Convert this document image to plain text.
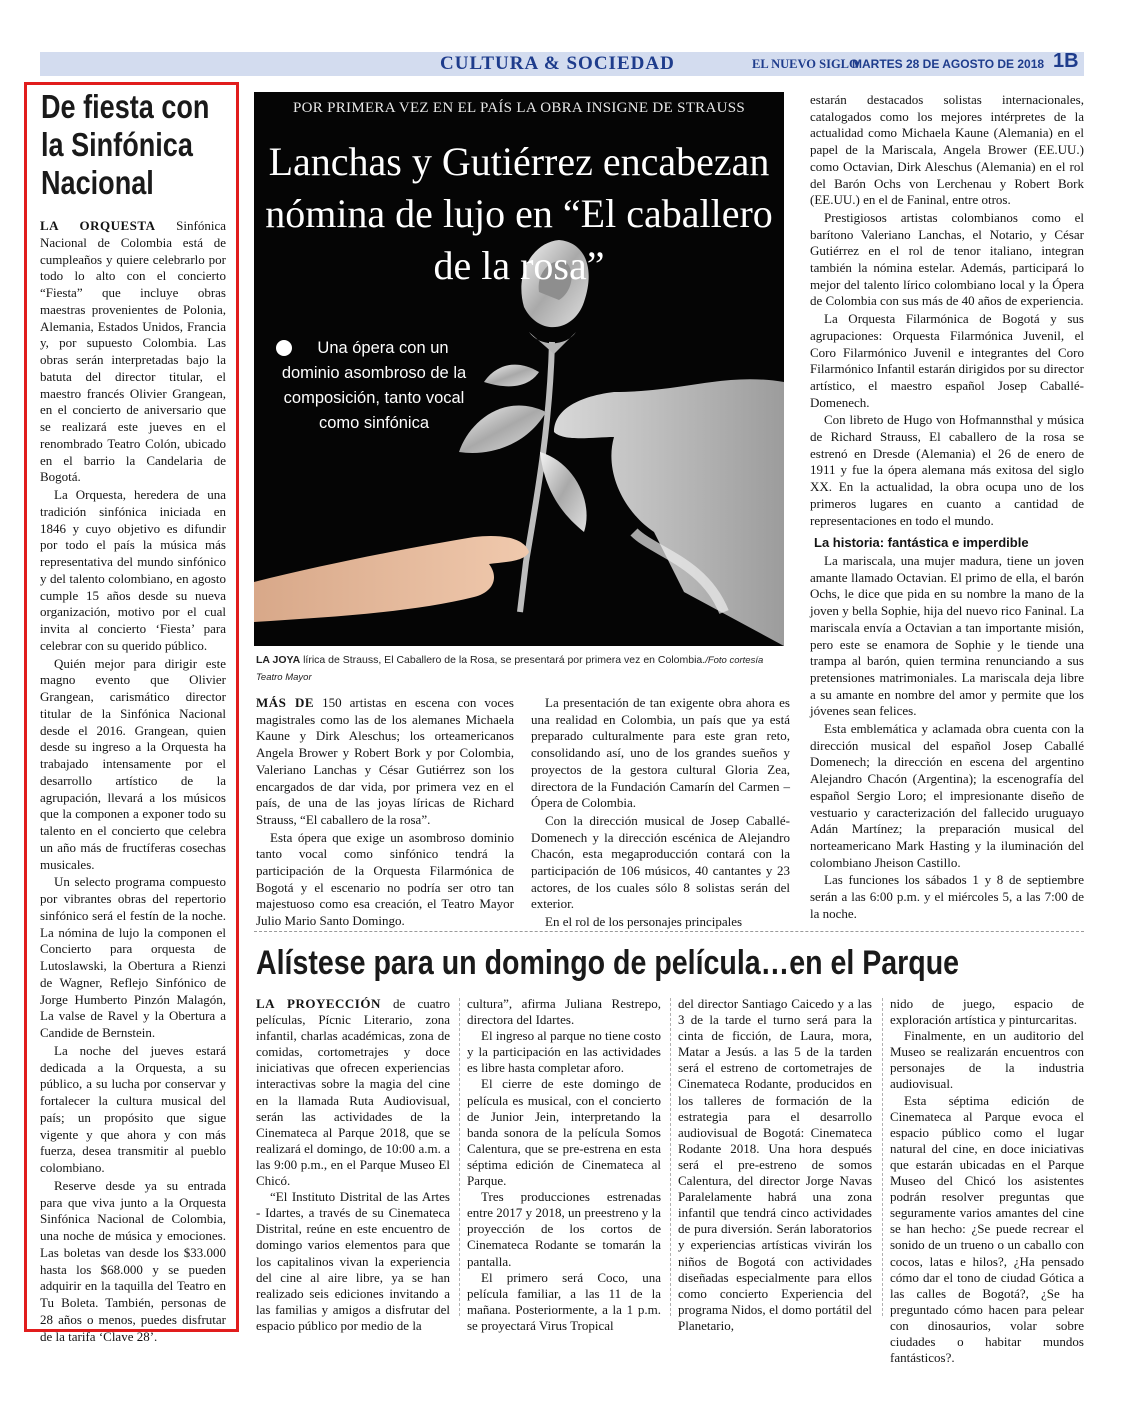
CULTURA & SOCIEDAD	EL NUEVO SIGLO
MARTES 28 DE AGOSTO DE 2018 1B
De fiesta con la Sinfónica Nacional

LA ORQUESTA Sinfónica Nacional de Colombia está de cumpleaños y quiere celebrarlo por todo lo alto con el concierto “Fiesta” que incluye obras maestras provenientes de Polonia, Alemania, Estados Unidos, Francia y, por supuesto Colombia. Las obras serán interpretadas bajo la batuta del director titular, el maestro francés Olivier Grangean, en el concierto de aniversario que se realizará este jueves en el renombrado Teatro Colón, ubicado en el barrio la Candelaria de Bogotá.

La Orquesta, heredera de una tradición sinfónica iniciada en 1846 y cuyo objetivo es difundir por todo el país la música más representativa del mundo sinfónico y del talento colombiano, en agosto cumple 15 años desde su nueva organización, motivo por el cual invita al concierto ‘Fiesta’ para celebrar con su querido público.

Quién mejor para dirigir este magno evento que Olivier Grangean, carismático director titular de la Sinfónica Nacional desde el 2016. Grangean, quien desde su ingreso a la Orquesta ha trabajado intensamente por el desarrollo artístico de la agrupación, llevará a los músicos que la componen a exponer todo su talento en el concierto que celebra un año más de fructíferas cosechas musicales.

Un selecto programa compuesto por vibrantes obras del repertorio sinfónico será el festín de la noche. La nómina de lujo la componen el Concierto para orquesta de Lutoslawski, la Obertura a Rienzi de Wagner, Reflejo Sinfónico de Jorge Humberto Pinzón Malagón, La valse de Ravel y la Obertura a Candide de Bernstein.

La noche del jueves estará dedicada a la Orquesta, a su público, a su lucha por conservar y fortalecer la cultura musical del país; un propósito que sigue vigente y que ahora y con más fuerza, desea transmitir al pueblo colombiano.

Reserve desde ya su entrada para que viva junto a la Orquesta Sinfónica Nacional de Colombia, una noche de música y emociones. Las boletas van desde los $33.000 hasta los $68.000 y se pueden adquirir en la taquilla del Teatro en Tu Boleta. También, personas de 28 años o menos, puedes disfrutar de la tarifa ‘Clave 28’.

POR PRIMERA VEZ EN EL PAÍS LA OBRA INSIGNE DE STRAUSS
Lanchas y Gutiérrez encabezan nómina de lujo en “El caballero de la rosa”
Una ópera con un dominio asombroso de la composición, tanto vocal como sinfónica
LA JOYA lírica de Strauss, El Caballero de la Rosa, se presentará por primera vez en Colombia./Foto cortesía Teatro Mayor

MÁS DE 150 artistas en escena con voces magistrales como las de los alemanes Michaela Kaune y Dirk Aleschus; los orteamericanos Angela Brower y Robert Bork y por Colombia, Valeriano Lanchas y César Gutiérrez son los encargados de dar vida, por primera vez en el país, de una de las joyas líricas de Richard Strauss, “El caballero de la rosa”.

Esta ópera que exige un asombroso dominio tanto vocal como sinfónico tendrá la participación de la Orquesta Filarmónica de Bogotá y el escenario no podría ser otro tan majestuoso como esa creación, el Teatro Mayor Julio Mario Santo Domingo.

La presentación de tan exigente obra ahora es una realidad en Colombia, un país que ya está preparado culturalmente para este gran reto, consolidando así, uno de los grandes sueños y proyectos de la gestora cultural Gloria Zea, directora de la Fundación Camarín del Carmen – Ópera de Colombia.

Con la dirección musical de Josep Caballé-Domenech y la dirección escénica de Alejandro Chacón, esta megaproducción contará con la participación de 106 músicos, 40 cantantes y 23 actores, de los cuales sólo 8 solistas serán del exterior.

En el rol de los personajes principales

estarán destacados solistas internacionales, catalogados como los mejores intérpretes de la actualidad como Michaela Kaune (Alemania) en el papel de la Mariscala, Angela Brower (EE.UU.) como Octavian, Dirk Aleschus (Alemania) en el rol del Barón Ochs von Lerchenau y Robert Bork (EE.UU.) en el de Faninal, entre otros.

Prestigiosos artistas colombianos como el barítono Valeriano Lanchas, el Notario, y César Gutiérrez en el rol de tenor italiano, integran también la nómina estelar. Además, participará lo mejor del talento lírico colombiano local y la Ópera de Colombia con sus más de 40 años de experiencia.

La Orquesta Filarmónica de Bogotá y sus agrupaciones: Orquesta Filarmónica Juvenil, el Coro Filarmónico Juvenil e integrantes del Coro Filarmónico Infantil estarán dirigidos por su director artístico, el maestro español Josep Caballé-Domenech.

Con libreto de Hugo von Hofmannsthal y música de Richard Strauss, El caballero de la rosa se estrenó en Dresde (Alemania) el 26 de enero de 1911 y fue la ópera alemana más exitosa del siglo XX. En la actualidad, la obra ocupa uno de los primeros lugares en cuanto a cantidad de representaciones en todo el mundo.

La historia: fantástica e imperdible

La mariscala, una mujer madura, tiene un joven amante llamado Octavian. El primo de ella, el barón Ochs, le dice que pida en su nombre la mano de la joven y bella Sophie, hija del nuevo rico Faninal. La mariscala envía a Octavian a tan importante misión, pero este se enamora de Sophie y le tiende una trampa al barón, quien termina renunciando a sus pretensiones matrimoniales. La mariscala deja libre a su amante en nombre del amor y permite que los jóvenes sean felices.

Esta emblemática y aclamada obra cuenta con la dirección musical del español Josep Caballé Domenech; la dirección en escena del argentino Alejandro Chacón (Argentina); la escenografía del español Sergio Loro; el impresionante diseño de vestuario y caracterización del fallecido uruguayo Adán Martínez; la preparación musical del norteamericano Mark Hasting y la iluminación del colombiano Jheison Castillo.

Las funciones los sábados 1 y 8 de septiembre serán a las 6:00 p.m. y el miércoles 5, a las 7:00 de la noche.

Alístese para un domingo de película…en el Parque

LA PROYECCIÓN de cuatro películas, Pícnic Literario, zona infantil, charlas académicas, zona de comidas, cortometrajes y doce iniciativas que ofrecen experiencias interactivas sobre la magia del cine en la llamada Ruta Audiovisual, serán las actividades de la Cinemateca al Parque 2018, que se realizará el domingo, de 10:00 a.m. a las 9:00 p.m., en el Parque Museo El Chicó.

“El Instituto Distrital de las Artes - Idartes, a través de su Cinemateca Distrital, reúne en este encuentro de domingo varios elementos para que los capitalinos vivan la experiencia del cine al aire libre, ya se han realizado seis ediciones invitando a las familias y amigos a disfrutar del espacio público por medio de la

cultura”, afirma Juliana Restrepo, directora del Idartes.

El ingreso al parque no tiene costo y la participación en las actividades es libre hasta completar aforo.

El cierre de este domingo de película es musical, con el concierto de Junior Jein, interpretando la banda sonora de la película Somos Calentura, que se pre-estrena en esta séptima edición de Cinemateca al Parque.

Tres producciones estrenadas entre 2017 y 2018, un preestreno y la proyección de los cortos de Cinemateca Rodante se tomarán la pantalla.

El primero será Coco, una película familiar, a las 11 de la mañana. Posteriormente, a la 1 p.m. se proyectará Virus Tropical

del director Santiago Caicedo y a las 3 de la tarde el turno será para la cinta de ficción, de Laura, mora, Matar a Jesús. a las 5 de la tarden será el estreno de cortometrajes de Cinemateca Rodante, producidos en los talleres de formación de la estrategia para el desarrollo audiovisual de Bogotá: Cinemateca Rodante 2018. Una hora después será el pre-estreno de somos Calentura, del director Jorge Navas Paralelamente habrá una zona infantil que tendrá cinco actividades de pura diversión. Serán laboratorios y experiencias artísticas vivirán los niños de Bogotá con actividades diseñadas especialmente para ellos como concierto Experiencia del programa Nidos, el domo portátil del Planetario,

nido de juego, espacio de exploración artística y pinturcaritas.

Finalmente, en un auditorio del Museo se realizarán encuentros con personajes de la industria audiovisual.

Esta séptima edición de Cinemateca al Parque evoca el espacio público como el lugar natural del cine, en doce iniciativas que estarán ubicadas en el Parque Museo del Chicó los asistentes podrán resolver preguntas que seguramente varios amantes del cine se han hecho: ¿Se puede recrear el sonido de un trueno o un caballo con cocos, latas e hilos?, ¿Ha pensado cómo dar el tono de ciudad Gótica a las calles de Bogotá?, ¿Se ha preguntado cómo hacen para pelear con dinosaurios, volar sobre ciudades o habitar mundos fantásticos?.
